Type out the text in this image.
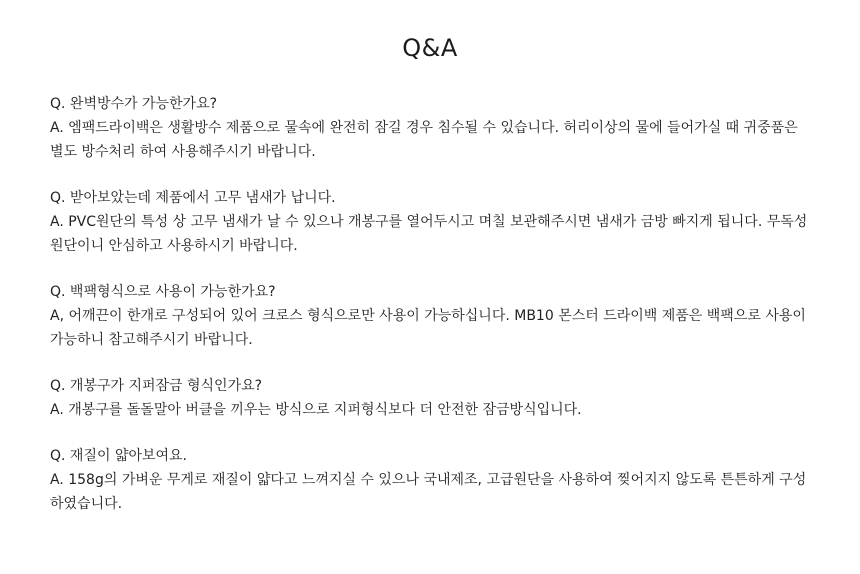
Q&A

Q. 완벽방수가 가능한가요?

A. 엠팩드라이백은 생활방수 제품으로 물속에 완전히 잠길 경우 침수될 수 있습니다. 허리이상의 물에 들어가실 때 귀중품은 별도 방수처리 하여 사용해주시기 바랍니다.

Q. 받아보았는데 제품에서 고무 냄새가 납니다.

A. PVC원단의 특성 상 고무 냄새가 날 수 있으나 개봉구를 열어두시고 며칠 보관해주시면 냄새가 금방 빠지게 됩니다. 무독성 원단이니 안심하고 사용하시기 바랍니다.

Q. 백팩형식으로 사용이 가능한가요?

A, 어깨끈이 한개로 구성되어 있어 크로스 형식으로만 사용이 가능하십니다. MB10 몬스터 드라이백 제품은 백팩으로 사용이 가능하니 참고해주시기 바랍니다.

Q. 개봉구가 지퍼잠금 형식인가요?

A. 개봉구를 돌돌말아 버클을 끼우는 방식으로 지퍼형식보다 더 안전한 잠금방식입니다.

Q. 재질이 얇아보여요.

A. 158g의 가벼운 무게로 재질이 얇다고 느껴지실 수 있으나 국내제조, 고급원단을 사용하여 찢어지지 않도록 튼튼하게 구성하였습니다.
